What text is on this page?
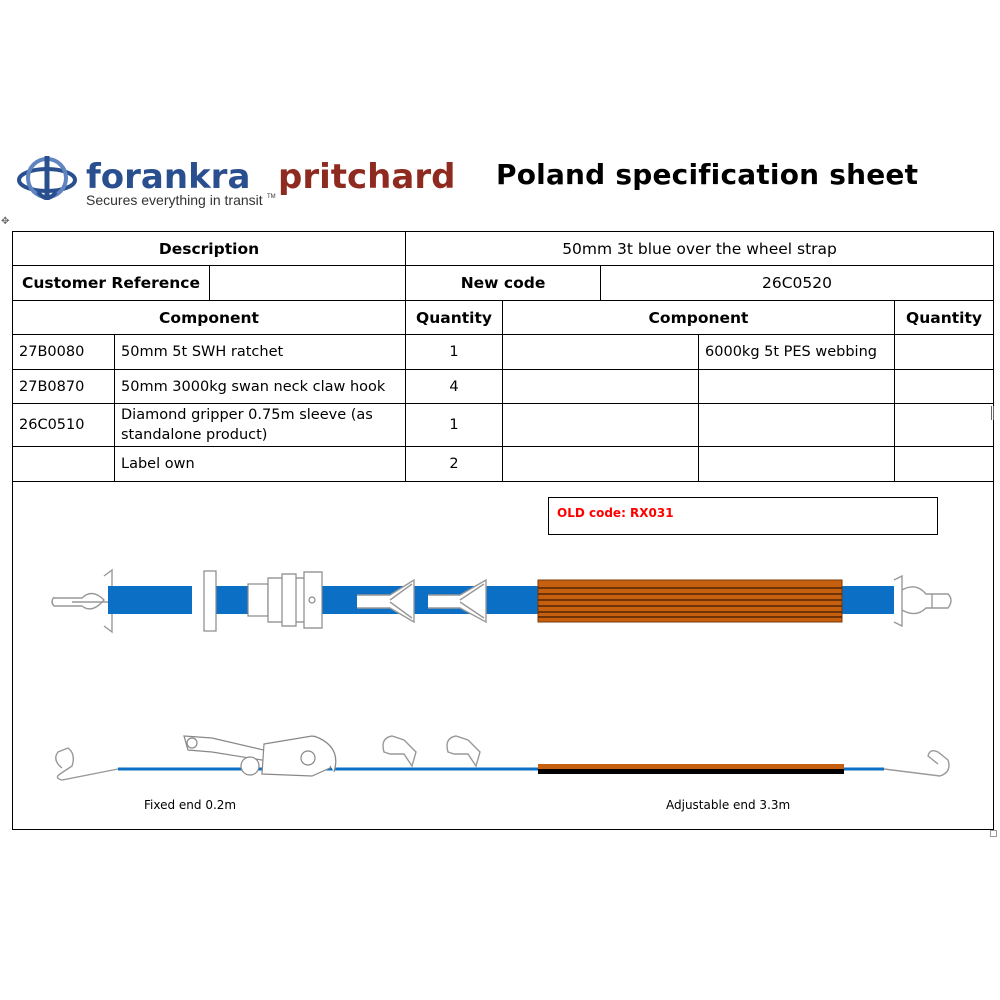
forankra pritchard
Secures everything in transit TM
Poland specification sheet
✥
Description			50mm 3t blue over the wheel strap				
Customer Reference			New code		26C0520		
Component			Quantity	Component			Quantity
27B0080	50mm 5t SWH ratchet		1			6000kg 5t PES webbing	
27B0870	50mm 3000kg swan neck claw hook		4				
26C0510	Diamond gripper 0.75m sleeve (as standalone product)		1				
	Label own		2				
OLD code: RX031
Fixed end 0.2m	Adjustable end 3.3m
